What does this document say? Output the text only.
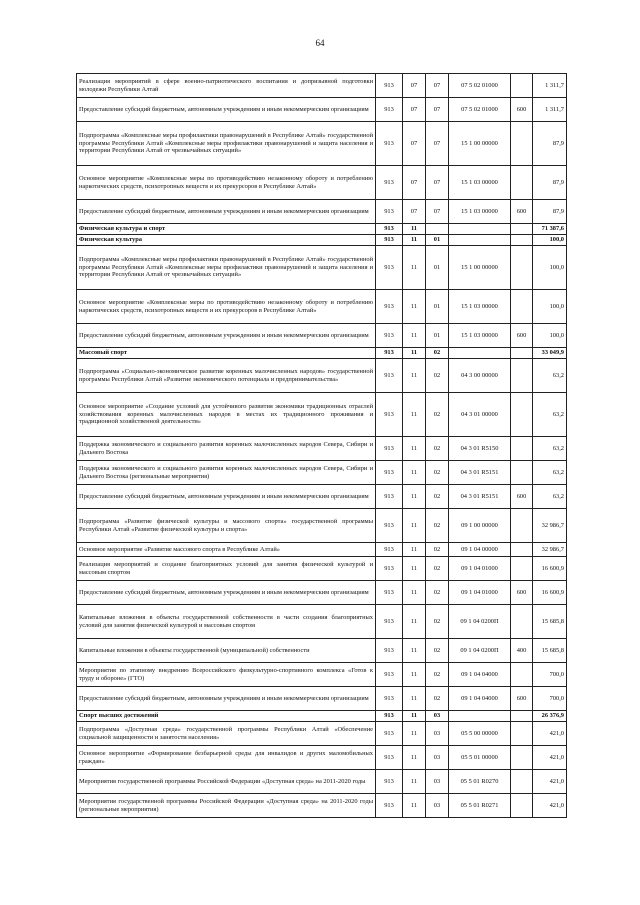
64
Реализация мероприятий в сфере военно-патриотического воспитания и допризывной подготовки молодежи Республики Алтай	913	07	07	07 5 02 01000		1 311,7
Предоставление субсидий бюджетным, автономным учреждениям и иным некоммерческим организациям	913	07	07	07 5 02 01000	600	1 311,7
Подпрограмма «Комплексные меры профилактики правонарушений в Республике Алтай» государственной программы Республики Алтай «Комплексные меры профилактики правонарушений и защита населения и территории Республики Алтай от чрезвычайных ситуаций»	913	07	07	15 1 00 00000		87,9
Основное мероприятие «Комплексные меры по противодействию незаконному обороту и потреблению наркотических средств, психотропных веществ и их прекурсоров в Республике Алтай»	913	07	07	15 1 03 00000		87,9
Предоставление субсидий бюджетным, автономным учреждениям и иным некоммерческим организациям	913	07	07	15 1 03 00000	600	87,9
Физическая культура и спорт	913	11				71 387,6
Физическая культура	913	11	01			100,0
Подпрограмма «Комплексные меры профилактики правонарушений в Республике Алтай» государственной программы Республики Алтай «Комплексные меры профилактики правонарушений и защита населения и территории Республики Алтай от чрезвычайных ситуаций»	913	11	01	15 1 00 00000		100,0
Основное мероприятие «Комплексные меры по противодействию незаконному обороту и потреблению наркотических средств, психотропных веществ и их прекурсоров в Республике Алтай»	913	11	01	15 1 03 00000		100,0
Предоставление субсидий бюджетным, автономным учреждениям и иным некоммерческим организациям	913	11	01	15 1 03 00000	600	100,0
Массовый спорт	913	11	02			33 049,9
Подпрограмма «Социально-экономическое развитие коренных малочисленных народов» государственной программы Республики Алтай «Развитие экономического потенциала и предпринимательства»	913	11	02	04 3 00 00000		63,2
Основное мероприятие «Создание условий для устойчивого развития экономики традиционных отраслей хозяйствования коренных малочисленных народов в местах их традиционного проживания и традиционной хозяйственной деятельности»	913	11	02	04 3 01 00000		63,2
Поддержка экономического и социального развития коренных малочисленных народов Севера, Сибири и Дальнего Востока	913	11	02	04 3 01 R5150		63,2
Поддержка экономического и социального развития коренных малочисленных народов Севера, Сибири и Дальнего Востока (региональные мероприятия)	913	11	02	04 3 01 R5151		63,2
Предоставление субсидий бюджетным, автономным учреждениям и иным некоммерческим организациям	913	11	02	04 3 01 R5151	600	63,2
Подпрограмма «Развитие физической культуры и массового спорта» государственной программы Республики Алтай «Развитие физической культуры и спорта»	913	11	02	09 1 00 00000		32 986,7
Основное мероприятие «Развитие массового спорта в Республике Алтай»	913	11	02	09 1 04 00000		32 986,7
Реализация мероприятий и создание благоприятных условий для занятия физической культурой и массовым спортом	913	11	02	09 1 04 01000		16 600,9
Предоставление субсидий бюджетным, автономным учреждениям и иным некоммерческим организациям	913	11	02	09 1 04 01000	600	16 600,9
Капитальные вложения в объекты государственной собственности в части создания благоприятных условий для занятия физической культурой и массовым спортом	913	11	02	09 1 04 0200П		15 685,8
Капитальные вложения в объекты государственной (муниципальной) собственности	913	11	02	09 1 04 0200П	400	15 685,8
Мероприятия по этапному внедрению Всероссийского физкультурно-спортивного комплекса «Готов к труду и обороне» (ГТО)	913	11	02	09 1 04 04000		700,0
Предоставление субсидий бюджетным, автономным учреждениям и иным некоммерческим организациям	913	11	02	09 1 04 04000	600	700,0
Спорт высших достижений	913	11	03			26 376,9
Подпрограмма «Доступная среда» государственной программы Республики Алтай «Обеспечение социальной защищенности и занятости населения»	913	11	03	05 5 00 00000		421,0
Основное мероприятие «Формирование безбарьерной среды для инвалидов и других маломобильных граждан»	913	11	03	05 5 01 00000		421,0
Мероприятия государственной программы Российской Федерации «Доступная среда» на 2011-2020 годы	913	11	03	05 5 01 R0270		421,0
Мероприятия государственной программы Российской Федерации «Доступная среда» на 2011-2020 годы (региональные мероприятия)	913	11	03	05 5 01 R0271		421,0
